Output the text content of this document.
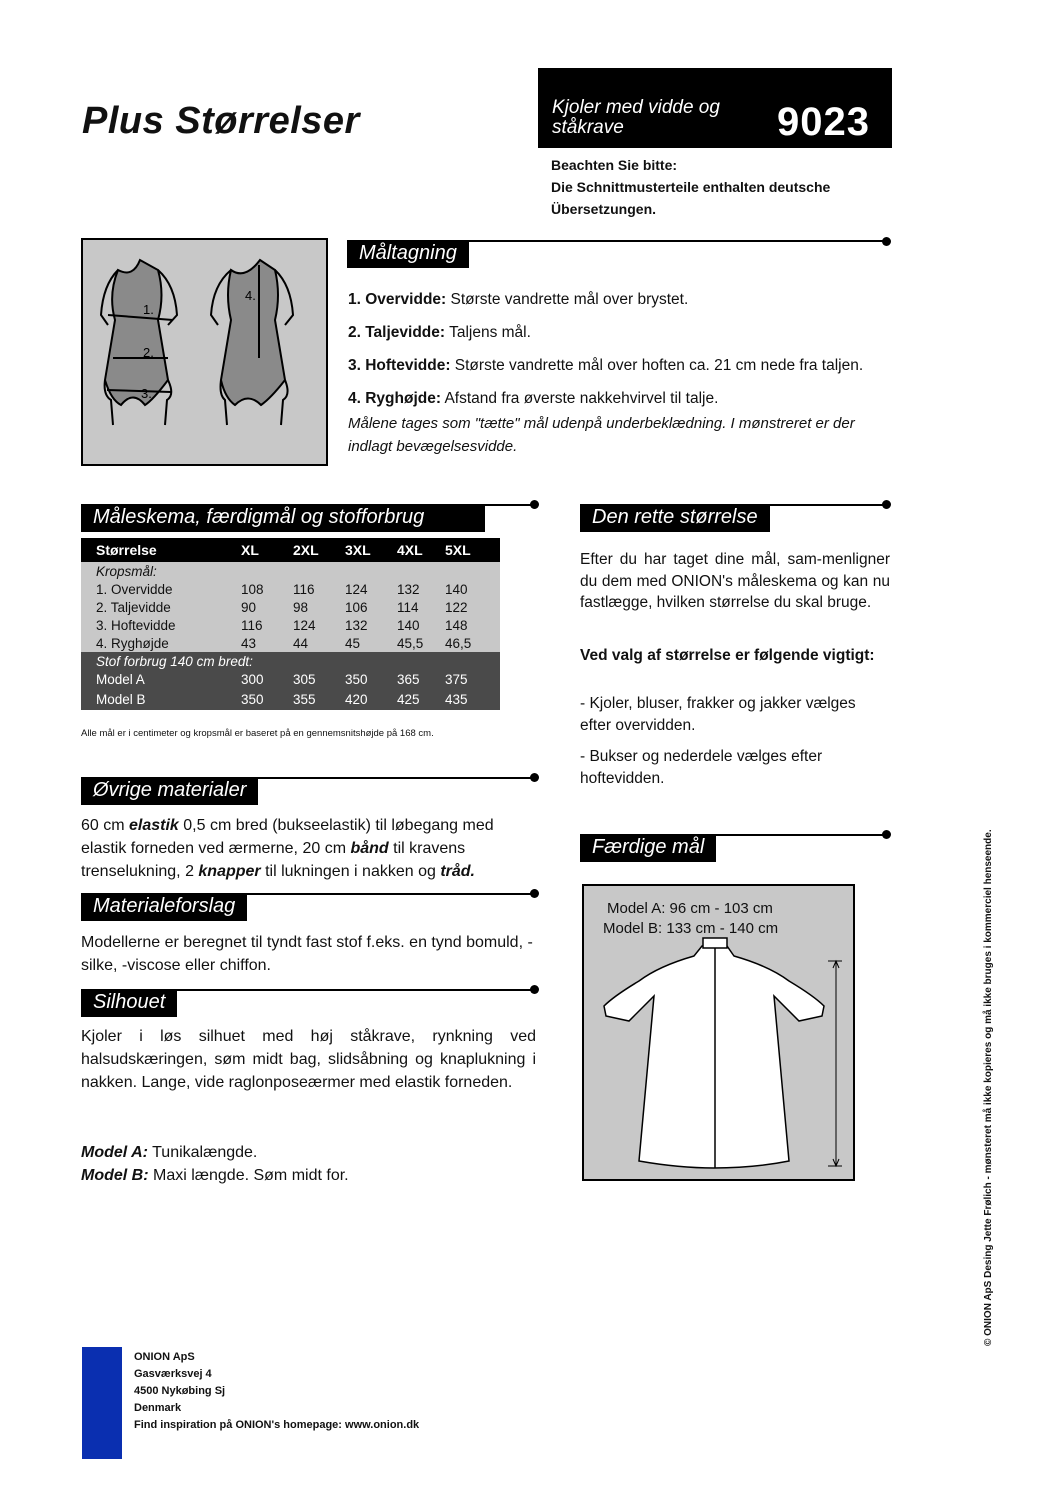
Plus Størrelser	Kjoler med vidde og ståkrave	9023
Beachten Sie bitte:
Die Schnittmusterteile enthalten deutsche
Übersetzungen.
1.
2.
3.
4.
Måltagning
1. Overvidde: Største vandrette mål over brystet.
2. Taljevidde: Taljens mål.
3. Hoftevidde: Største vandrette mål over hoften ca. 21 cm nede fra taljen.
4. Ryghøjde: Afstand fra øverste nakkehvirvel til talje.
Målene tages som "tætte" mål udenpå underbeklædning. I mønstreret er der indlagt bevægelsesvidde.
Måleskema, færdigmål og stofforbrug
Størrelse	XL	2XL	3XL	4XL	5XL
Kropsmål:					
1. Overvidde	108	116	124	132	140
2. Taljevidde	90	98	106	114	122
3. Hoftevidde	116	124	132	140	148
4. Ryghøjde	43	44	45	45,5	46,5
Stof forbrug 140 cm bredt:					
Model A	300	305	350	365	375
Model B	350	355	420	425	435
Alle mål er i centimeter og kropsmål er baseret på en gennemsnitshøjde på 168 cm.
Øvrige materialer
60 cm elastik 0,5 cm bred (bukseelastik) til løbegang med elastik forneden ved ærmerne, 20 cm bånd til kravens trenselukning, 2 knapper til lukningen i nakken og tråd.
Materialeforslag
Modellerne er beregnet til tyndt fast stof f.eks. en tynd bomuld, -silke, -viscose eller chiffon.
Silhouet
Kjoler i løs silhuet med høj ståkrave, rynkning ved halsudskæringen, søm midt bag, slidsåbning og knaplukning i nakken. Lange, vide raglonposeærmer med elastik forneden.
Model A: Tunikalængde.
Model B: Maxi længde. Søm midt for.
Den rette størrelse
Efter du har taget dine mål, sam-menligner du dem med ONION's måleskema og kan nu fastlægge, hvilken størrelse du skal bruge.
Ved valg af størrelse er følgende vigtigt:
- Kjoler, bluser, frakker og jakker vælges efter overvidden.
- Bukser og nederdele vælges efter hoftevidden.
Færdige mål
Model A: 96 cm - 103 cm
Model B: 133 cm - 140 cm	© ONION ApS Desing Jette Frølich - mønsteret må ikke kopieres og må ikke bruges i kommerciel henseende.
ONION ApS
Gasværksvej 4
4500 Nykøbing Sj
Denmark
Find inspiration på ONION's homepage: www.onion.dk
